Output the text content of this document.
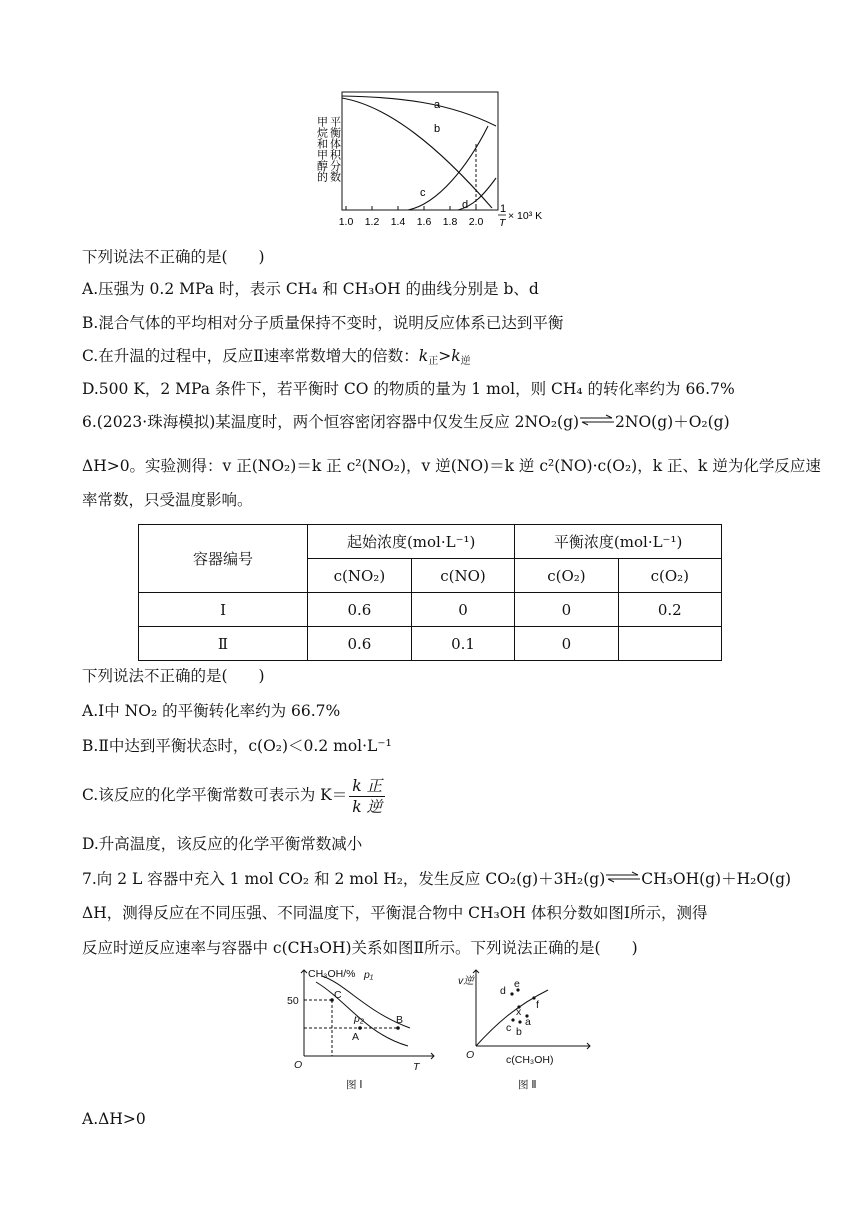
a
b
c
d
1.0 1.2 1.4 1.6 1.8 2.0
1
T
× 10³ K
甲烷和甲醇的 平衡体积分数
下列说法不正确的是(　　)
A.压强为 0.2 MPa 时，表示 CH₄ 和 CH₃OH 的曲线分别是 b、d
B.混合气体的平均相对分子质量保持不变时，说明反应体系已达到平衡
C.在升温的过程中，反应Ⅱ速率常数增大的倍数：$k_正>k_逆$
D.500 K，2 MPa 条件下，若平衡时 CO 的物质的量为 1 mol，则 CH₄ 的转化率约为 66.7%
6.(2023·珠海模拟)某温度时，两个恒容密闭容器中仅发生反应 2NO₂(g) 2NO(g)＋O₂(g)
ΔH>0。实验测得：v 正(NO₂)＝k 正 c²(NO₂)，v 逆(NO)＝k 逆 c²(NO)·c(O₂)，k 正、k 逆为化学反应速
率常数，只受温度影响。
容器编号	起始浓度(mol·L⁻¹)		平衡浓度(mol·L⁻¹)	
	c(NO₂)	c(NO)	c(O₂)	c(O₂)
Ⅰ	0.6	0	0	0.2
Ⅱ	0.6	0.1	0	
下列说法不正确的是(　　)
A.Ⅰ中 NO₂ 的平衡转化率约为 66.7%
B.Ⅱ中达到平衡状态时，c(O₂)＜0.2 mol·L⁻¹
C.该反应的化学平衡常数可表示为 $K= \frac{\text{k 正}}{\text{k 逆}}$
D.升高温度，该反应的化学平衡常数减小
7.向 2 L 容器中充入 1 mol CO₂ 和 2 mol H₂，发生反应 CO₂(g)＋3H₂(g) CH₃OH(g)＋H₂O(g)
ΔH，测得反应在不同压强、不同温度下，平衡混合物中 CH₃OH 体积分数如图Ⅰ所示，测得
反应时逆反应速率与容器中 c(CH₃OH)关系如图Ⅱ所示。下列说法正确的是(　　)
CH₃OH/%
50
O	T
p₁
p₂
C
B
A
图 Ⅰ
v逆
d
e
f
x
a
c b
O	c(CH₃OH)
图 Ⅱ
A.ΔH>0
